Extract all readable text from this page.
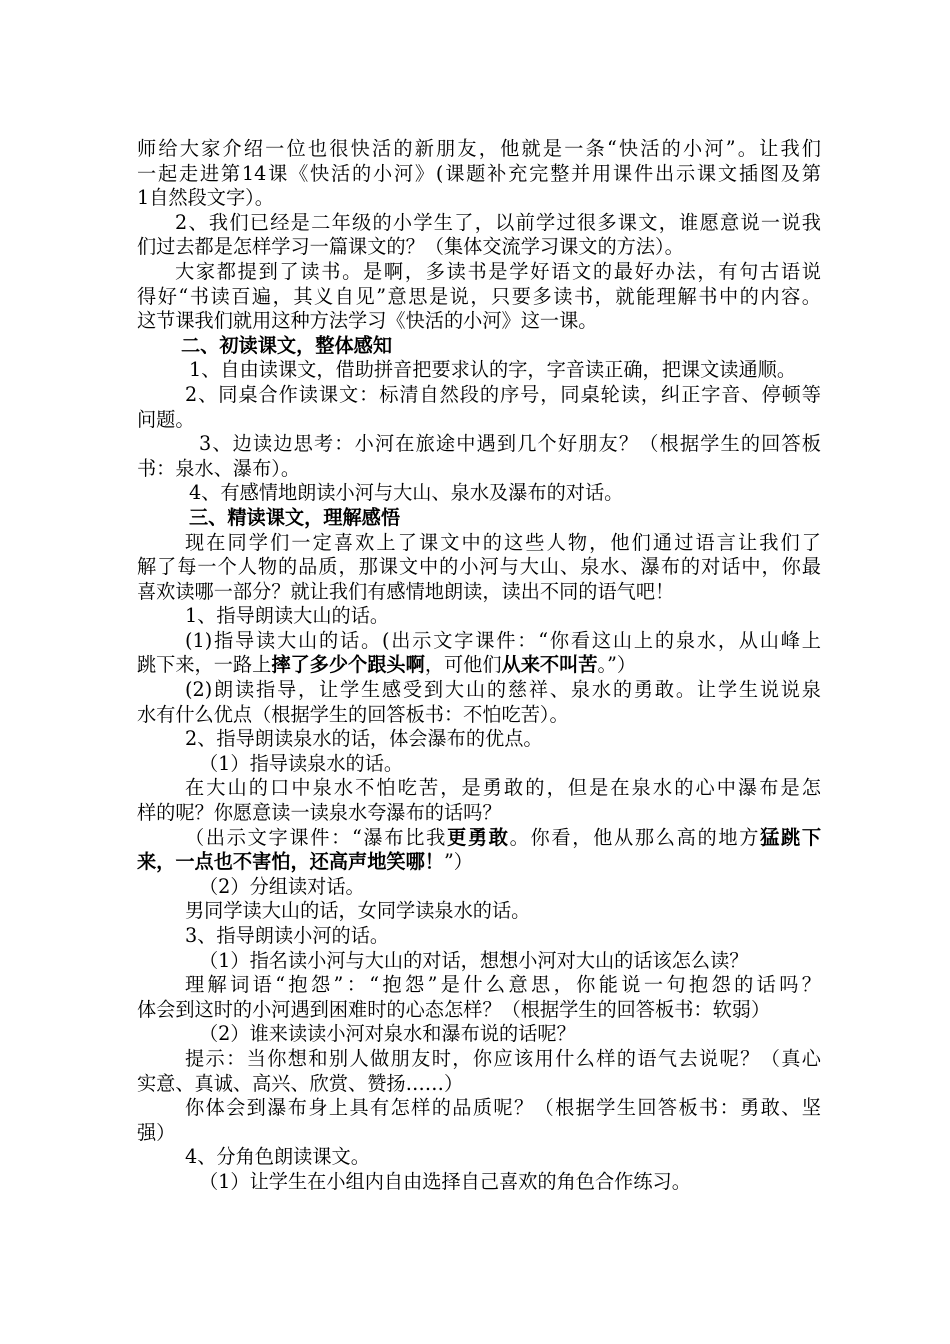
师给大家介绍一位也很快活的新朋友，他就是一条“快活的小河”。让我们
一起走进第14课《快活的小河》(课题补充完整并用课件出示课文插图及第
1自然段文字）。
2、我们已经是二年级的小学生了，以前学过很多课文，谁愿意说一说我
们过去都是怎样学习一篇课文的？（集体交流学习课文的方法）。
大家都提到了读书。是啊，多读书是学好语文的最好办法，有句古语说
得好“书读百遍，其义自见”意思是说，只要多读书，就能理解书中的内容。
这节课我们就用这种方法学习《快活的小河》这一课。
二、初读课文，整体感知
1、自由读课文，借助拼音把要求认的字，字音读正确，把课文读通顺。
2、同桌合作读课文：标清自然段的序号，同桌轮读，纠正字音、停顿等
问题。
3、边读边思考：小河在旅途中遇到几个好朋友？（根据学生的回答板
书：泉水、瀑布）。
4、有感情地朗读小河与大山、泉水及瀑布的对话。
三、精读课文，理解感悟
现在同学们一定喜欢上了课文中的这些人物，他们通过语言让我们了
解了每一个人物的品质，那课文中的小河与大山、泉水、瀑布的对话中，你最
喜欢读哪一部分？就让我们有感情地朗读，读出不同的语气吧！
1、指导朗读大山的话。
(1)指导读大山的话。(出示文字课件：“你看这山上的泉水，从山峰上
跳下来，一路上摔了多少个跟头啊，可他们从来不叫苦。”）
(2)朗读指导，让学生感受到大山的慈祥、泉水的勇敢。让学生说说泉
水有什么优点（根据学生的回答板书：不怕吃苦）。
2、指导朗读泉水的话，体会瀑布的优点。
（1）指导读泉水的话。
在大山的口中泉水不怕吃苦，是勇敢的，但是在泉水的心中瀑布是怎
样的呢？你愿意读一读泉水夸瀑布的话吗？
（出示文字课件：“瀑布比我更勇敢。你看，他从那么高的地方猛跳下
来，一点也不害怕，还高声地笑哪！”）
（2）分组读对话。
男同学读大山的话，女同学读泉水的话。
3、指导朗读小河的话。
（1）指名读小河与大山的对话，想想小河对大山的话该怎么读？
理解词语“抱怨”：“抱怨”是什么意思，你能说一句抱怨的话吗？
体会到这时的小河遇到困难时的心态怎样？（根据学生的回答板书：软弱）
（2）谁来读读小河对泉水和瀑布说的话呢？
提示：当你想和别人做朋友时，你应该用什么样的语气去说呢？（真心
实意、真诚、高兴、欣赏、赞扬……）
你体会到瀑布身上具有怎样的品质呢？（根据学生回答板书：勇敢、坚
强）
4、分角色朗读课文。
（1）让学生在小组内自由选择自己喜欢的角色合作练习。
